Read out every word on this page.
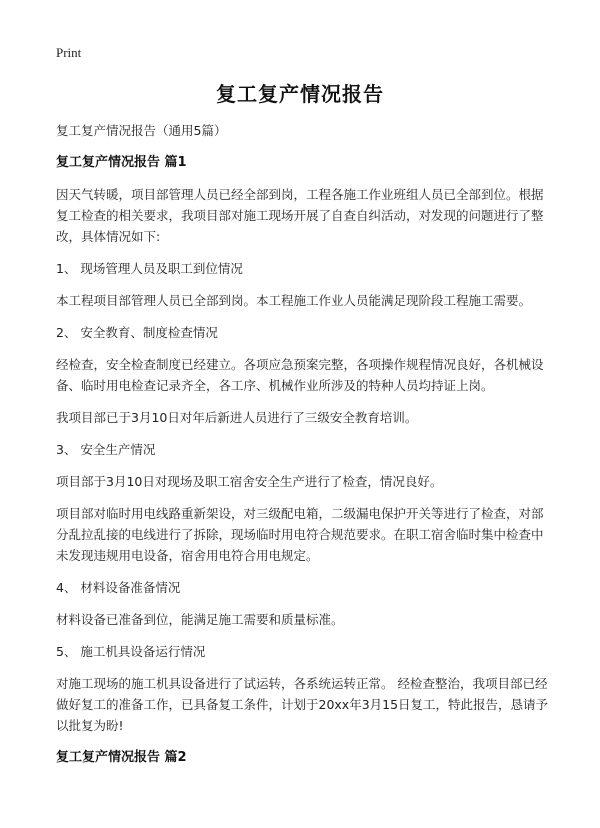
Print
复工复产情况报告

复工复产情况报告（通用5篇）

复工复产情况报告 篇1

因天气转暖，项目部管理人员已经全部到岗，工程各施工作业班组人员已全部到位。根据复工检查的相关要求，我项目部对施工现场开展了自查自纠活动，对发现的问题进行了整改，具体情况如下:

1、 现场管理人员及职工到位情况

本工程项目部管理人员已全部到岗。本工程施工作业人员能满足现阶段工程施工需要。

2、 安全教育、制度检查情况

经检查，安全检查制度已经建立。各项应急预案完整，各项操作规程情况良好，各机械设备、临时用电检查记录齐全，各工序、机械作业所涉及的特种人员均持证上岗。

我项目部已于3月10日对年后新进人员进行了三级安全教育培训。

3、 安全生产情况

项目部于3月10日对现场及职工宿舍安全生产进行了检查，情况良好。

项目部对临时用电线路重新架设，对三级配电箱，二级漏电保护开关等进行了检查，对部分乱拉乱接的电线进行了拆除，现场临时用电符合规范要求。在职工宿舍临时集中检查中 未发现违规用电设备，宿舍用电符合用电规定。

4、 材料设备准备情况

材料设备已准备到位，能满足施工需要和质量标准。

5、 施工机具设备运行情况

对施工现场的施工机具设备进行了试运转，各系统运转正常。 经检查整治，我项目部已经做好复工的准备工作，已具备复工条件，计划于20xx年3月15日复工，特此报告，恳请予以批复为盼!

复工复产情况报告 篇2
